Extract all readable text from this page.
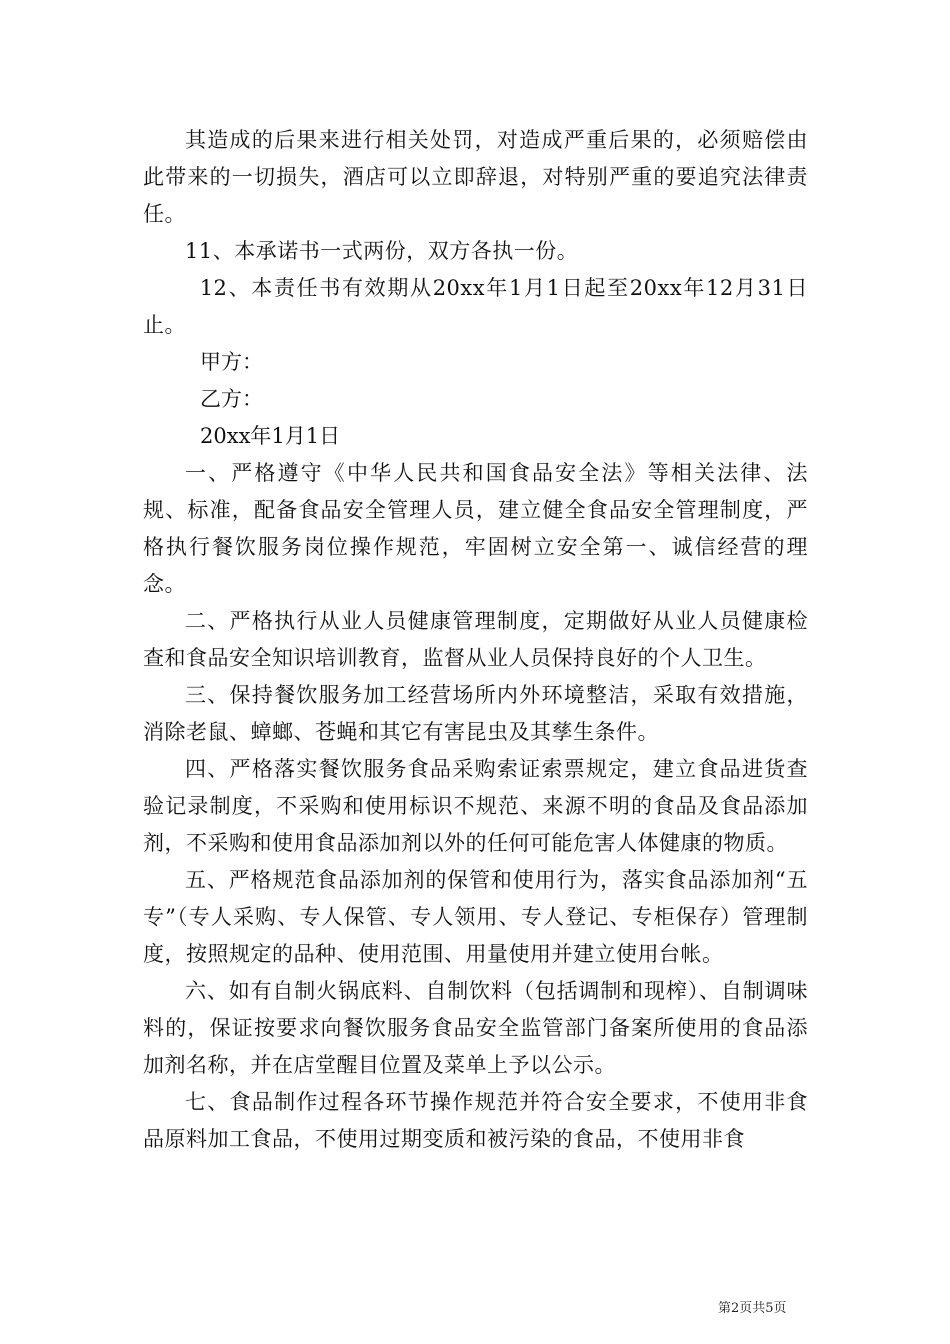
其造成的后果来进行相关处罚，对造成严重后果的，必须赔偿由此带来的一切损失，酒店可以立即辞退，对特别严重的要追究法律责任。

11、本承诺书一式两份，双方各执一份。

12、本责任书有效期从20xx年1月1日起至20xx年12月31日止。

甲方：

乙方：

20xx年1月1日

一、严格遵守《中华人民共和国食品安全法》等相关法律、法规、标准，配备食品安全管理人员，建立健全食品安全管理制度，严格执行餐饮服务岗位操作规范，牢固树立安全第一、诚信经营的理念。

二、严格执行从业人员健康管理制度，定期做好从业人员健康检查和食品安全知识培训教育，监督从业人员保持良好的个人卫生。

三、保持餐饮服务加工经营场所内外环境整洁，采取有效措施，消除老鼠、蟑螂、苍蝇和其它有害昆虫及其孳生条件。

四、严格落实餐饮服务食品采购索证索票规定，建立食品进货查验记录制度，不采购和使用标识不规范、来源不明的食品及食品添加剂，不采购和使用食品添加剂以外的任何可能危害人体健康的物质。

五、严格规范食品添加剂的保管和使用行为，落实食品添加剂“五专”（专人采购、专人保管、专人领用、专人登记、专柜保存）管理制度，按照规定的品种、使用范围、用量使用并建立使用台帐。

六、如有自制火锅底料、自制饮料（包括调制和现榨）、自制调味料的，保证按要求向餐饮服务食品安全监管部门备案所使用的食品添加剂名称，并在店堂醒目位置及菜单上予以公示。

七、食品制作过程各环节操作规范并符合安全要求，不使用非食品原料加工食品，不使用过期变质和被污染的食品，不使用非食

第2页共5页
